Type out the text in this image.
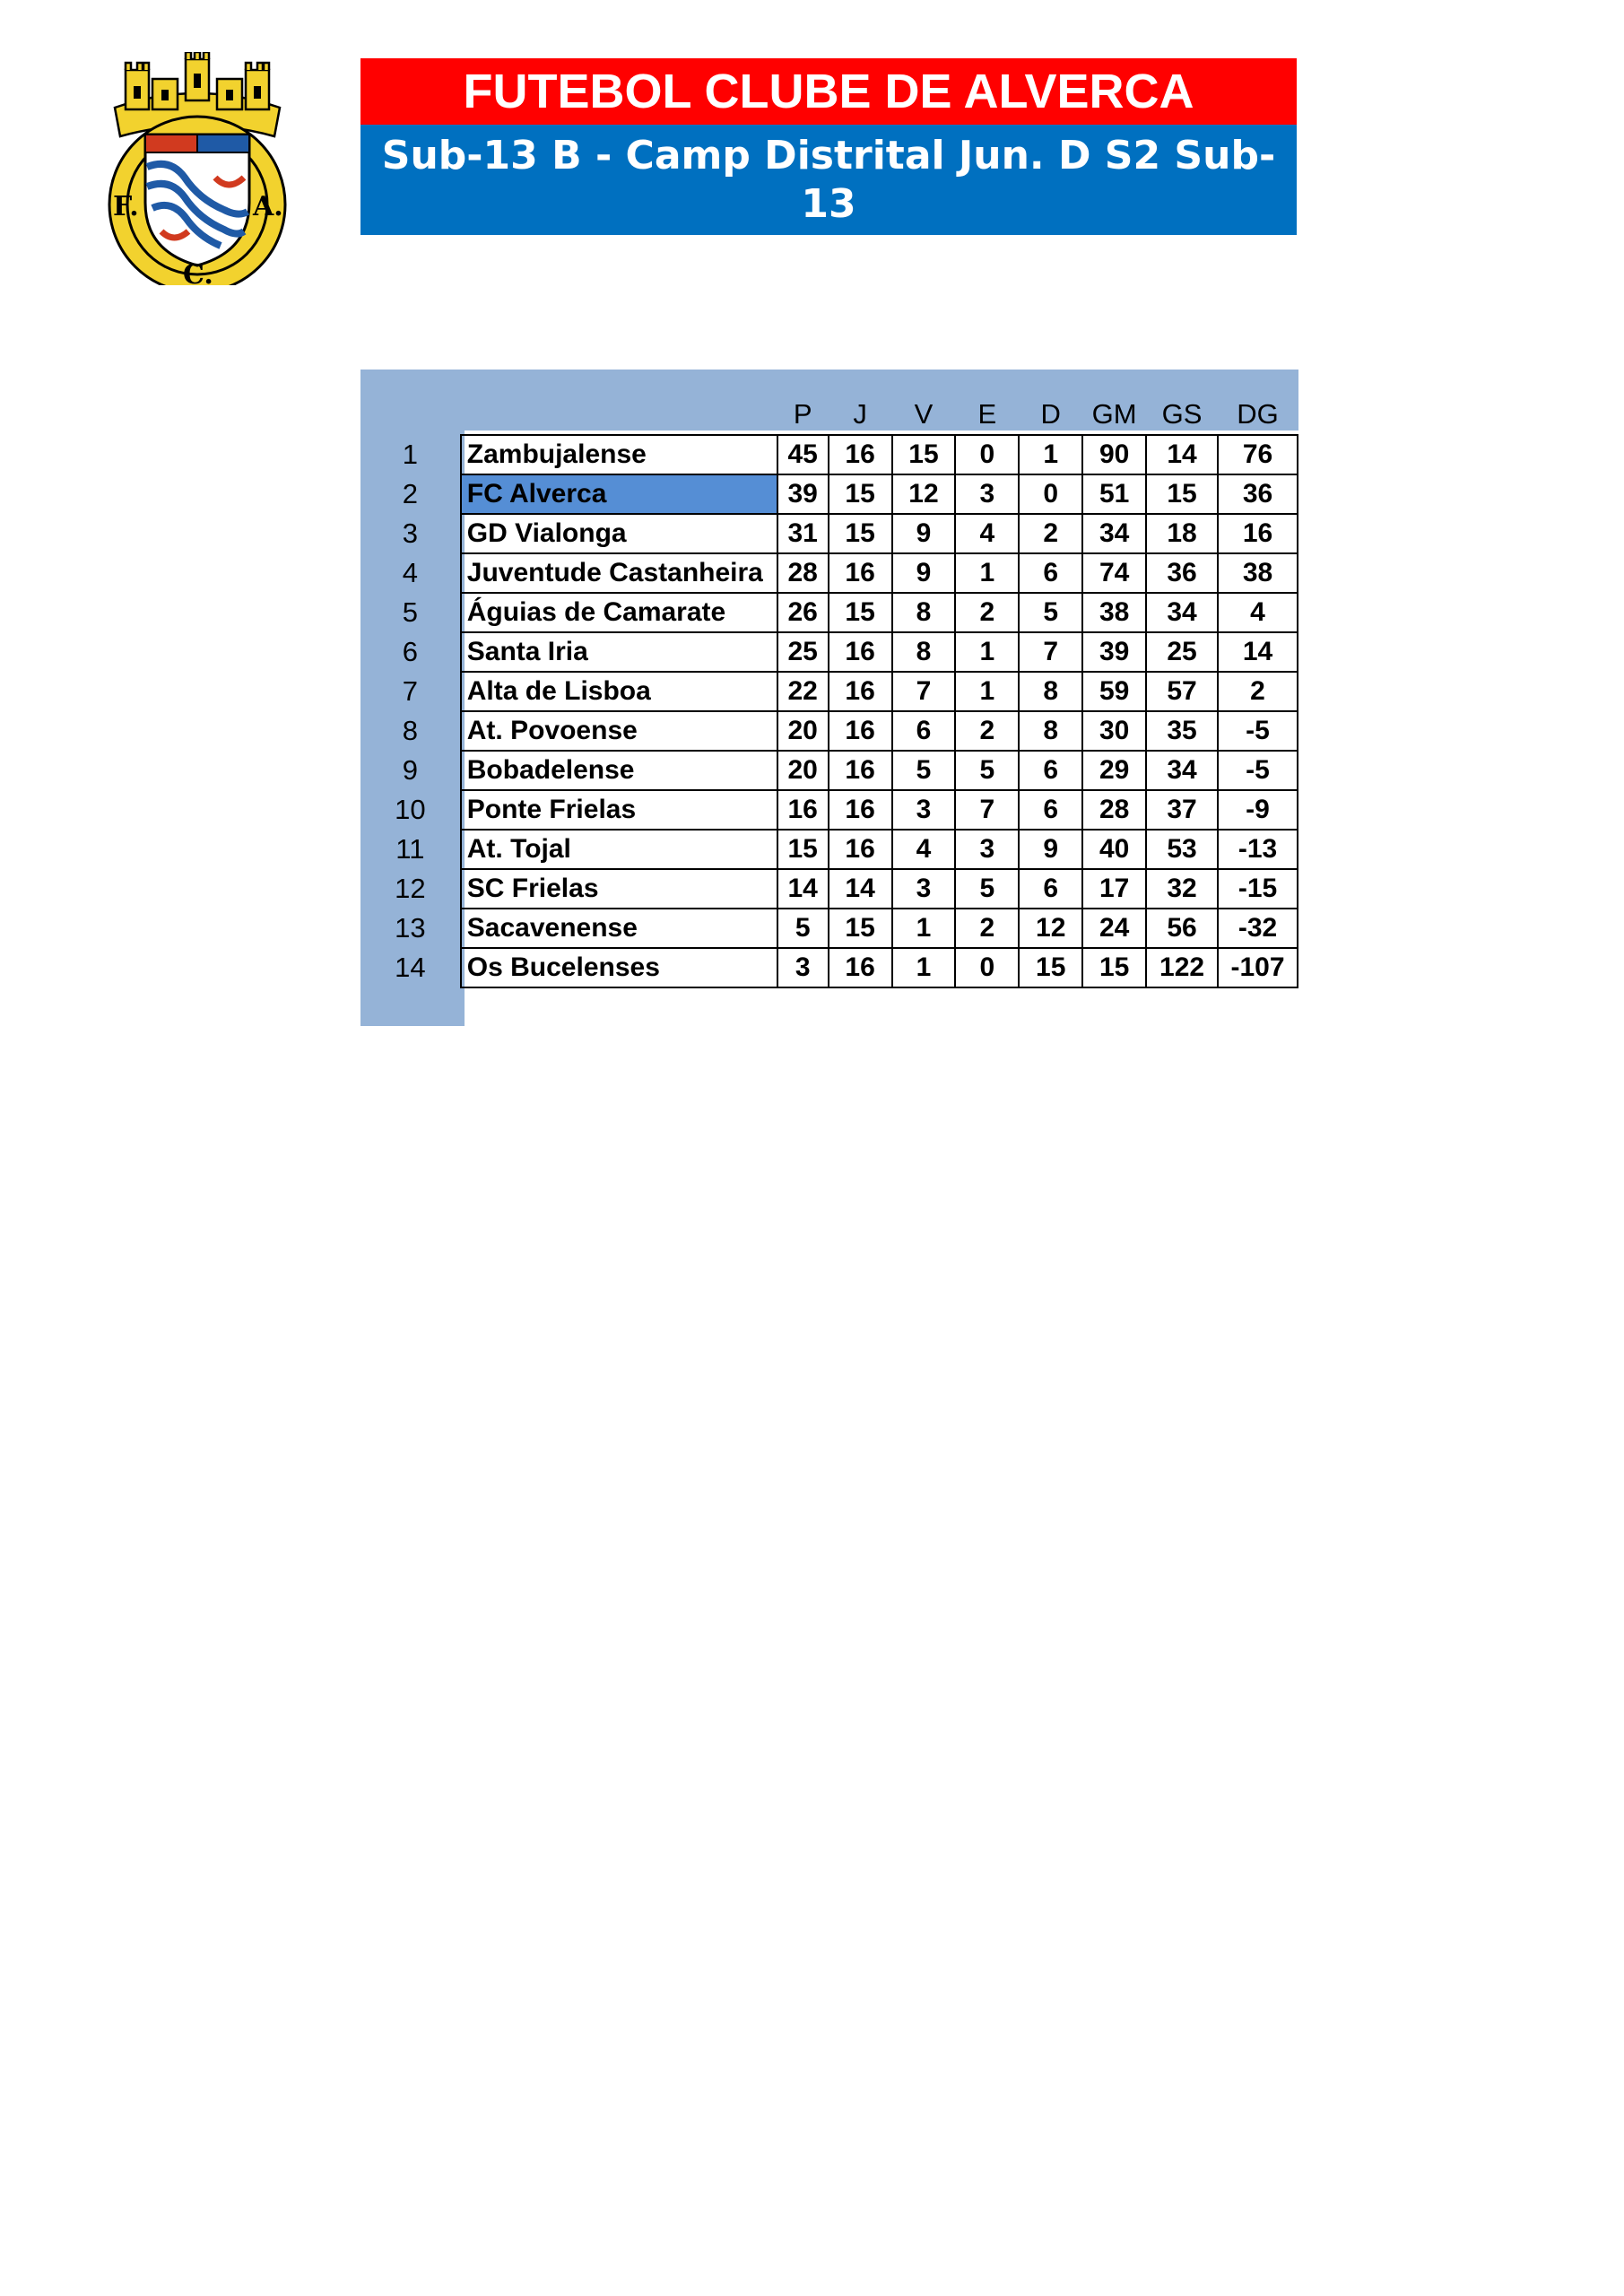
F.	A.
C.
FUTEBOL CLUBE DE ALVERCA
Sub-13 B - Camp Distrital Jun. D S2 Sub-13
		P	J	V	E	D	GM	GS	DG
1	Zambujalense	45	16	15	0	1	90	14	76
2	FC Alverca	39	15	12	3	0	51	15	36
3	GD Vialonga	31	15	9	4	2	34	18	16
4	Juventude Castanheira	28	16	9	1	6	74	36	38
5	Águias de Camarate	26	15	8	2	5	38	34	4
6	Santa Iria	25	16	8	1	7	39	25	14
7	Alta de Lisboa	22	16	7	1	8	59	57	2
8	At. Povoense	20	16	6	2	8	30	35	-5
9	Bobadelense	20	16	5	5	6	29	34	-5
10	Ponte Frielas	16	16	3	7	6	28	37	-9
11	At. Tojal	15	16	4	3	9	40	53	-13
12	SC Frielas	14	14	3	5	6	17	32	-15
13	Sacavenense	5	15	1	2	12	24	56	-32
14	Os Bucelenses	3	16	1	0	15	15	122	-107
